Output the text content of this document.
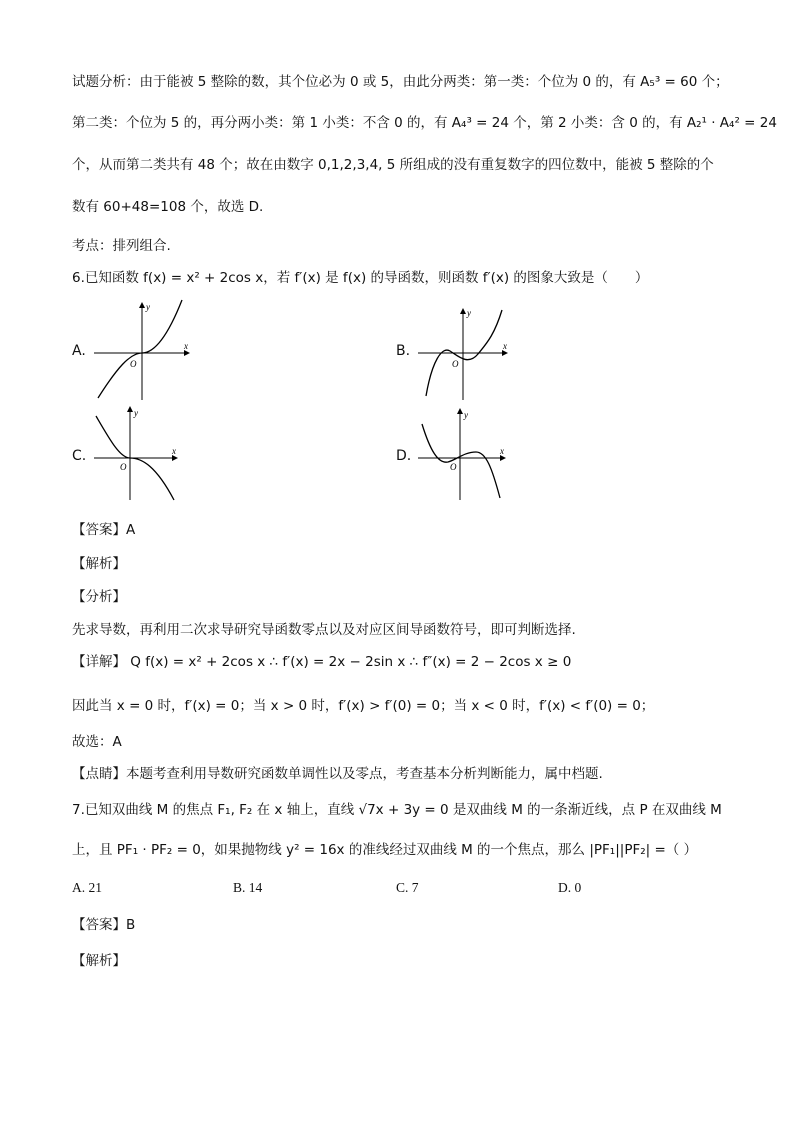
试题分析：由于能被 5 整除的数，其个位必为 0 或 5，由此分两类：第一类：个位为 0 的，有 A₅³ = 60 个；
第二类：个位为 5 的，再分两小类：第 1 小类：不含 0 的，有 A₄³ = 24 个，第 2 小类：含 0 的，有 A₂¹ · A₄² = 24
个，从而第二类共有 48 个；故在由数字 0,1,2,3,4, 5 所组成的没有重复数字的四位数中，能被 5 整除的个
数有 60+48=108 个，故选 D.
考点：排列组合.
6.已知函数 f(x) = x² + 2cos x，若 f′(x) 是 f(x) 的导函数，则函数 f′(x) 的图象大致是（　　）
A.	x
y
O
B.	x
y
O
C.	x
y
O
D.	x
y
O
【答案】A
【解析】
【分析】
先求导数，再利用二次求导研究导函数零点以及对应区间导函数符号，即可判断选择.
【详解】 Q f(x) = x² + 2cos x ∴ f′(x) = 2x − 2sin x ∴ f″(x) = 2 − 2cos x ≥ 0
因此当 x = 0 时，f′(x) = 0；当 x > 0 时，f′(x) > f′(0) = 0；当 x < 0 时，f′(x) < f′(0) = 0；
故选：A
【点睛】本题考查利用导数研究函数单调性以及零点，考查基本分析判断能力，属中档题.
7.已知双曲线 M 的焦点 F₁, F₂ 在 x 轴上，直线 √7x + 3y = 0 是双曲线 M 的一条渐近线，点 P 在双曲线 M
上，且 PF₁ · PF₂ = 0，如果抛物线 y² = 16x 的准线经过双曲线 M 的一个焦点，那么 |PF₁||PF₂| =（ ）
A. 21	B. 14	C. 7	D. 0
【答案】B
【解析】
